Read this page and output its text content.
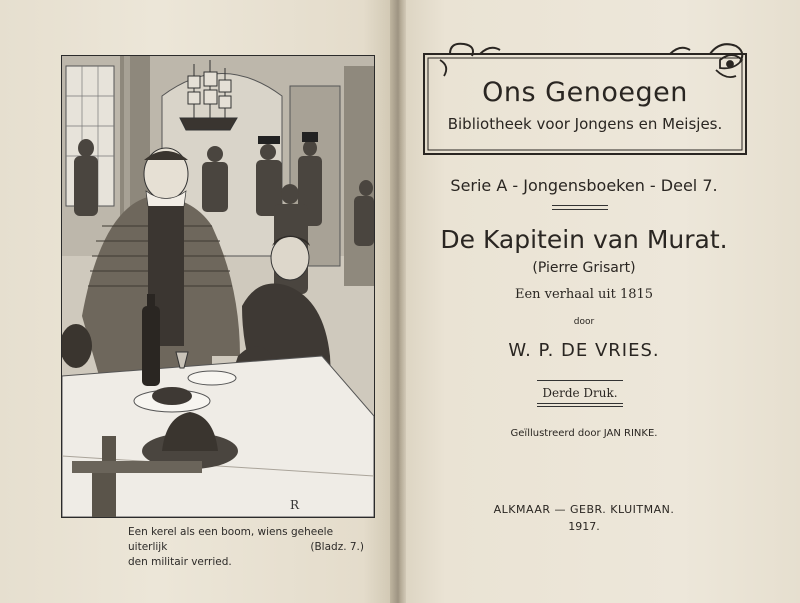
R
Een kerel als een boom, wiens geheele uiterlijk
den militair verried.
(Bladz. 7.)
Ons Genoegen
Bibliotheek voor Jongens en Meisjes.
Serie A - Jongensboeken - Deel 7.
De Kapitein van Murat.
(Pierre Grisart)
Een verhaal uit 1815
door
W. P. DE VRIES.
Derde Druk.
Geïllustreerd door JAN RINKE.
ALKMAAR — GEBR. KLUITMAN.
1917.
